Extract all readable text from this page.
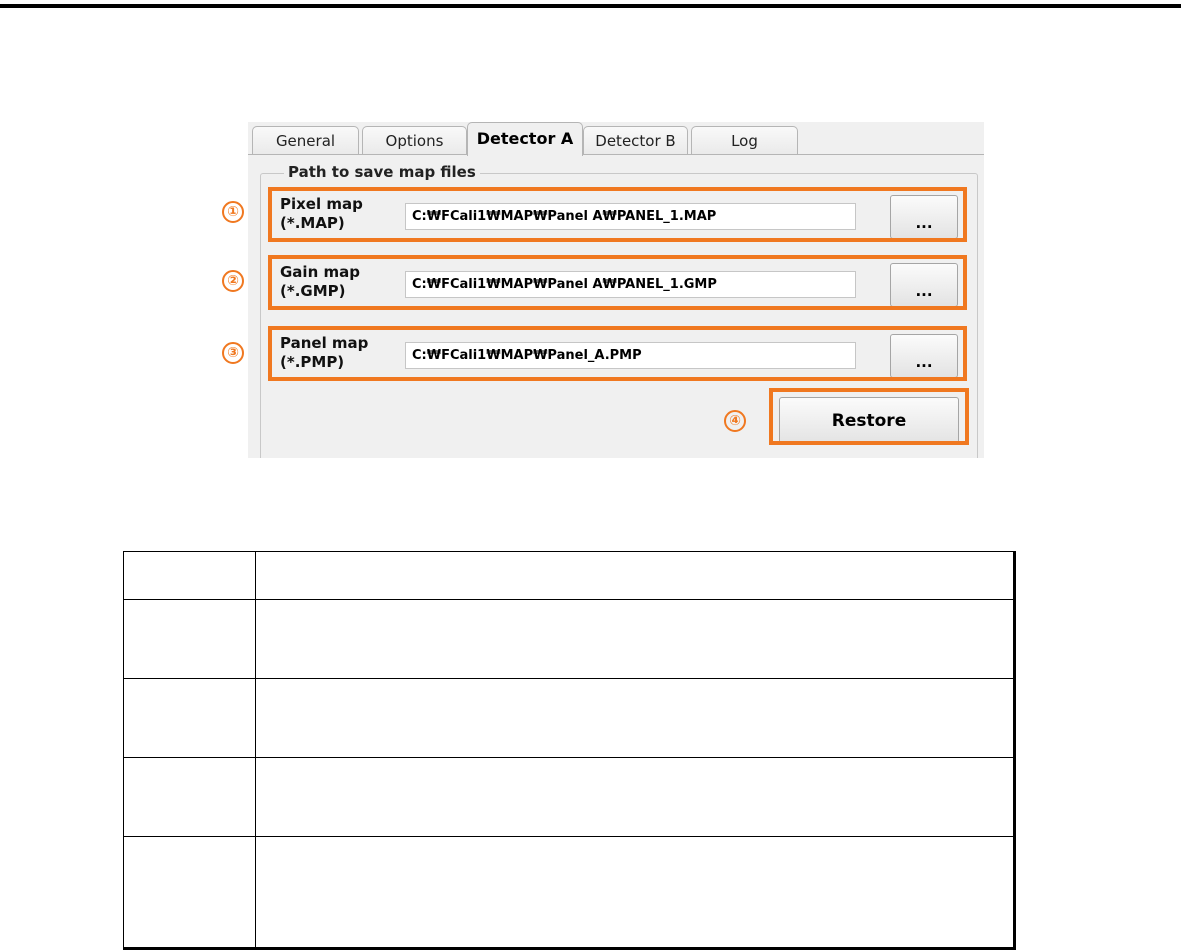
General	Options	Detector A	Detector B	Log
Path to save map files
Pixel map
(*.MAP)
C:₩FCali1₩MAP₩Panel A₩PANEL_1.MAP	...
Gain map
(*.GMP)
C:₩FCali1₩MAP₩Panel A₩PANEL_1.GMP	...
Panel map
(*.PMP)
C:₩FCali1₩MAP₩Panel_A.PMP	...
Restore
①
②
③
④
